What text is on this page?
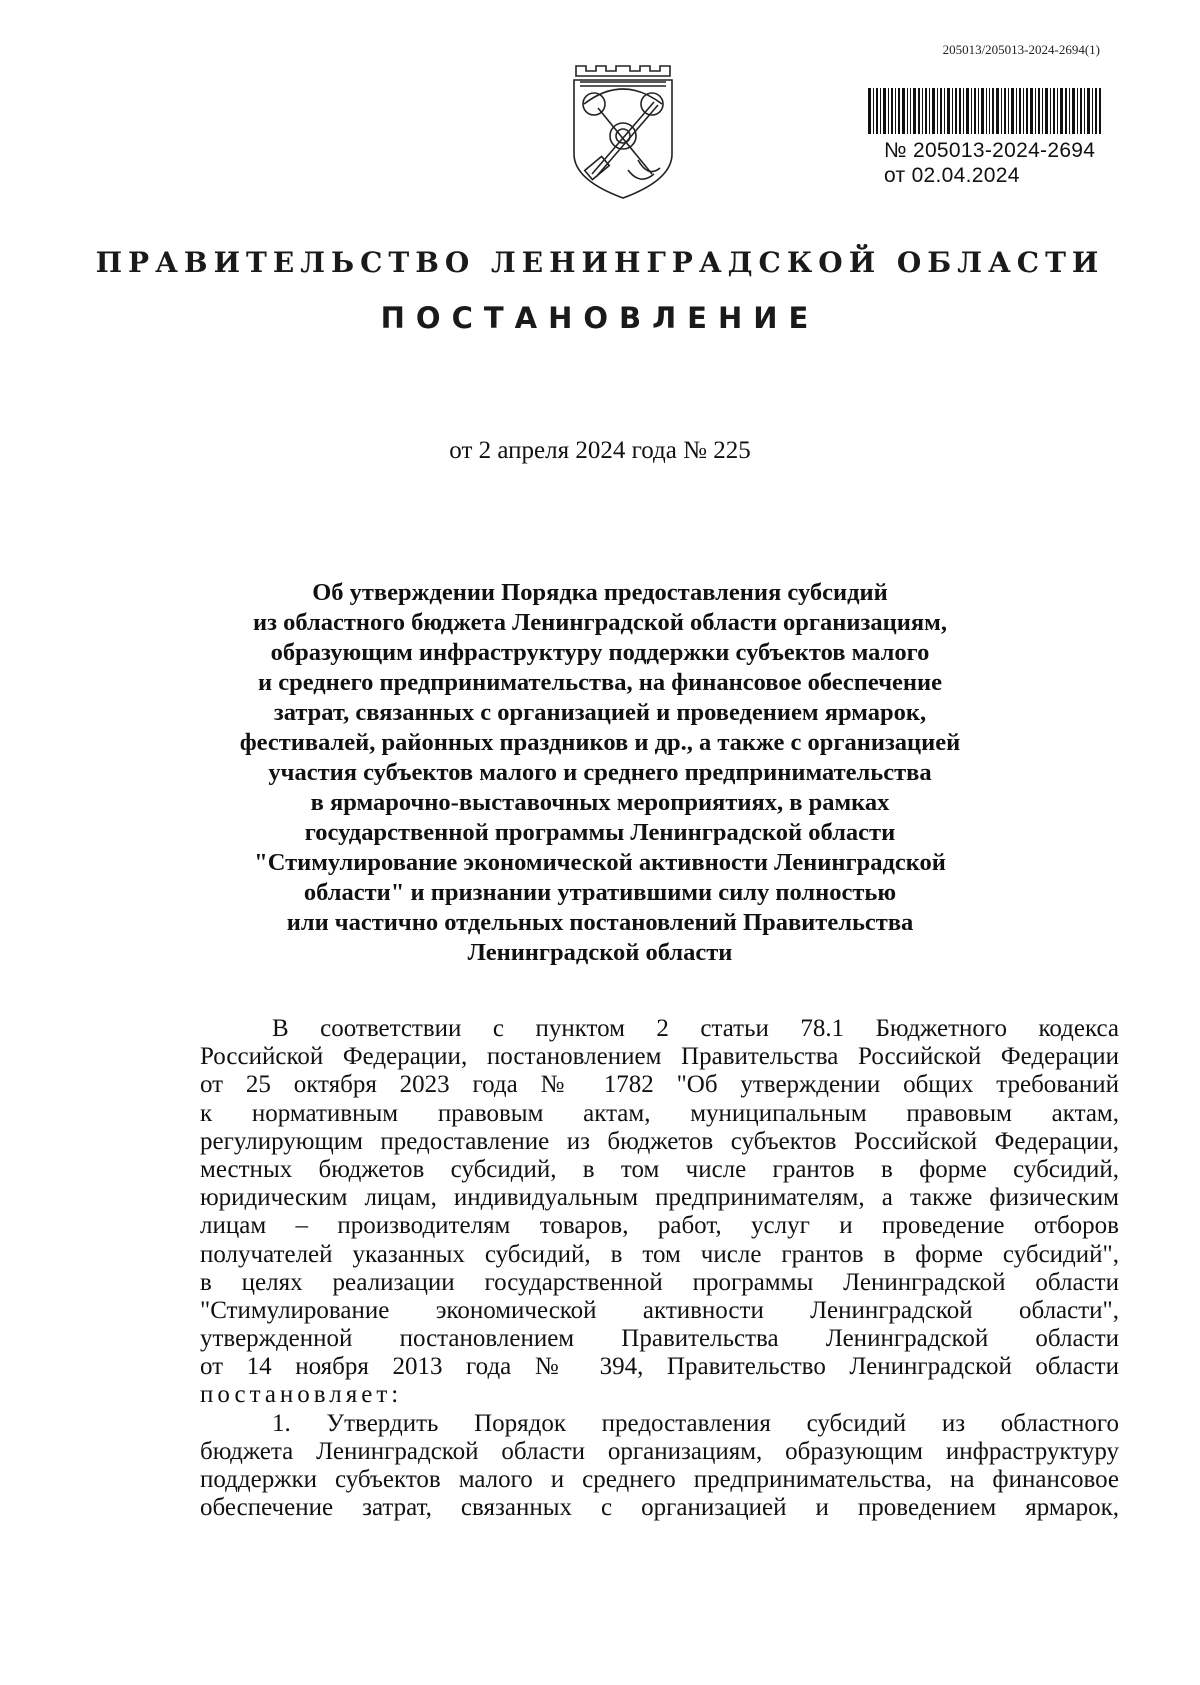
205013/205013-2024-2694(1)
№ 205013-2024-2694
от 02.04.2024
ПРАВИТЕЛЬСТВО ЛЕНИНГРАДСКОЙ ОБЛАСТИ
ПОСТАНОВЛЕНИЕ
от 2 апреля 2024 года № 225
Об утверждении Порядка предоставления субсидий
из областного бюджета Ленинградской области организациям,
образующим инфраструктуру поддержки субъектов малого
и среднего предпринимательства, на финансовое обеспечение
затрат, связанных с организацией и проведением ярмарок,
фестивалей, районных праздников и др., а также с организацией
участия субъектов малого и среднего предпринимательства
в ярмарочно-выставочных мероприятиях, в рамках
государственной программы Ленинградской области
"Стимулирование экономической активности Ленинградской
области" и признании утратившими силу полностью
или частично отдельных постановлений Правительства
Ленинградской области
В соответствии с пунктом 2 статьи 78.1 Бюджетного кодекса
Российской Федерации, постановлением Правительства Российской Федерации
от 25 октября 2023 года № 1782 "Об утверждении общих требований
к нормативным правовым актам, муниципальным правовым актам,
регулирующим предоставление из бюджетов субъектов Российской Федерации,
местных бюджетов субсидий, в том числе грантов в форме субсидий,
юридическим лицам, индивидуальным предпринимателям, а также физическим
лицам – производителям товаров, работ, услуг и проведение отборов
получателей указанных субсидий, в том числе грантов в форме субсидий",
в целях реализации государственной программы Ленинградской области
"Стимулирование экономической активности Ленинградской области",
утвержденной постановлением Правительства Ленинградской области
от 14 ноября 2013 года № 394, Правительство Ленинградской области
постановляет:
1. Утвердить Порядок предоставления субсидий из областного
бюджета Ленинградской области организациям, образующим инфраструктуру
поддержки субъектов малого и среднего предпринимательства, на финансовое
обеспечение затрат, связанных с организацией и проведением ярмарок,
